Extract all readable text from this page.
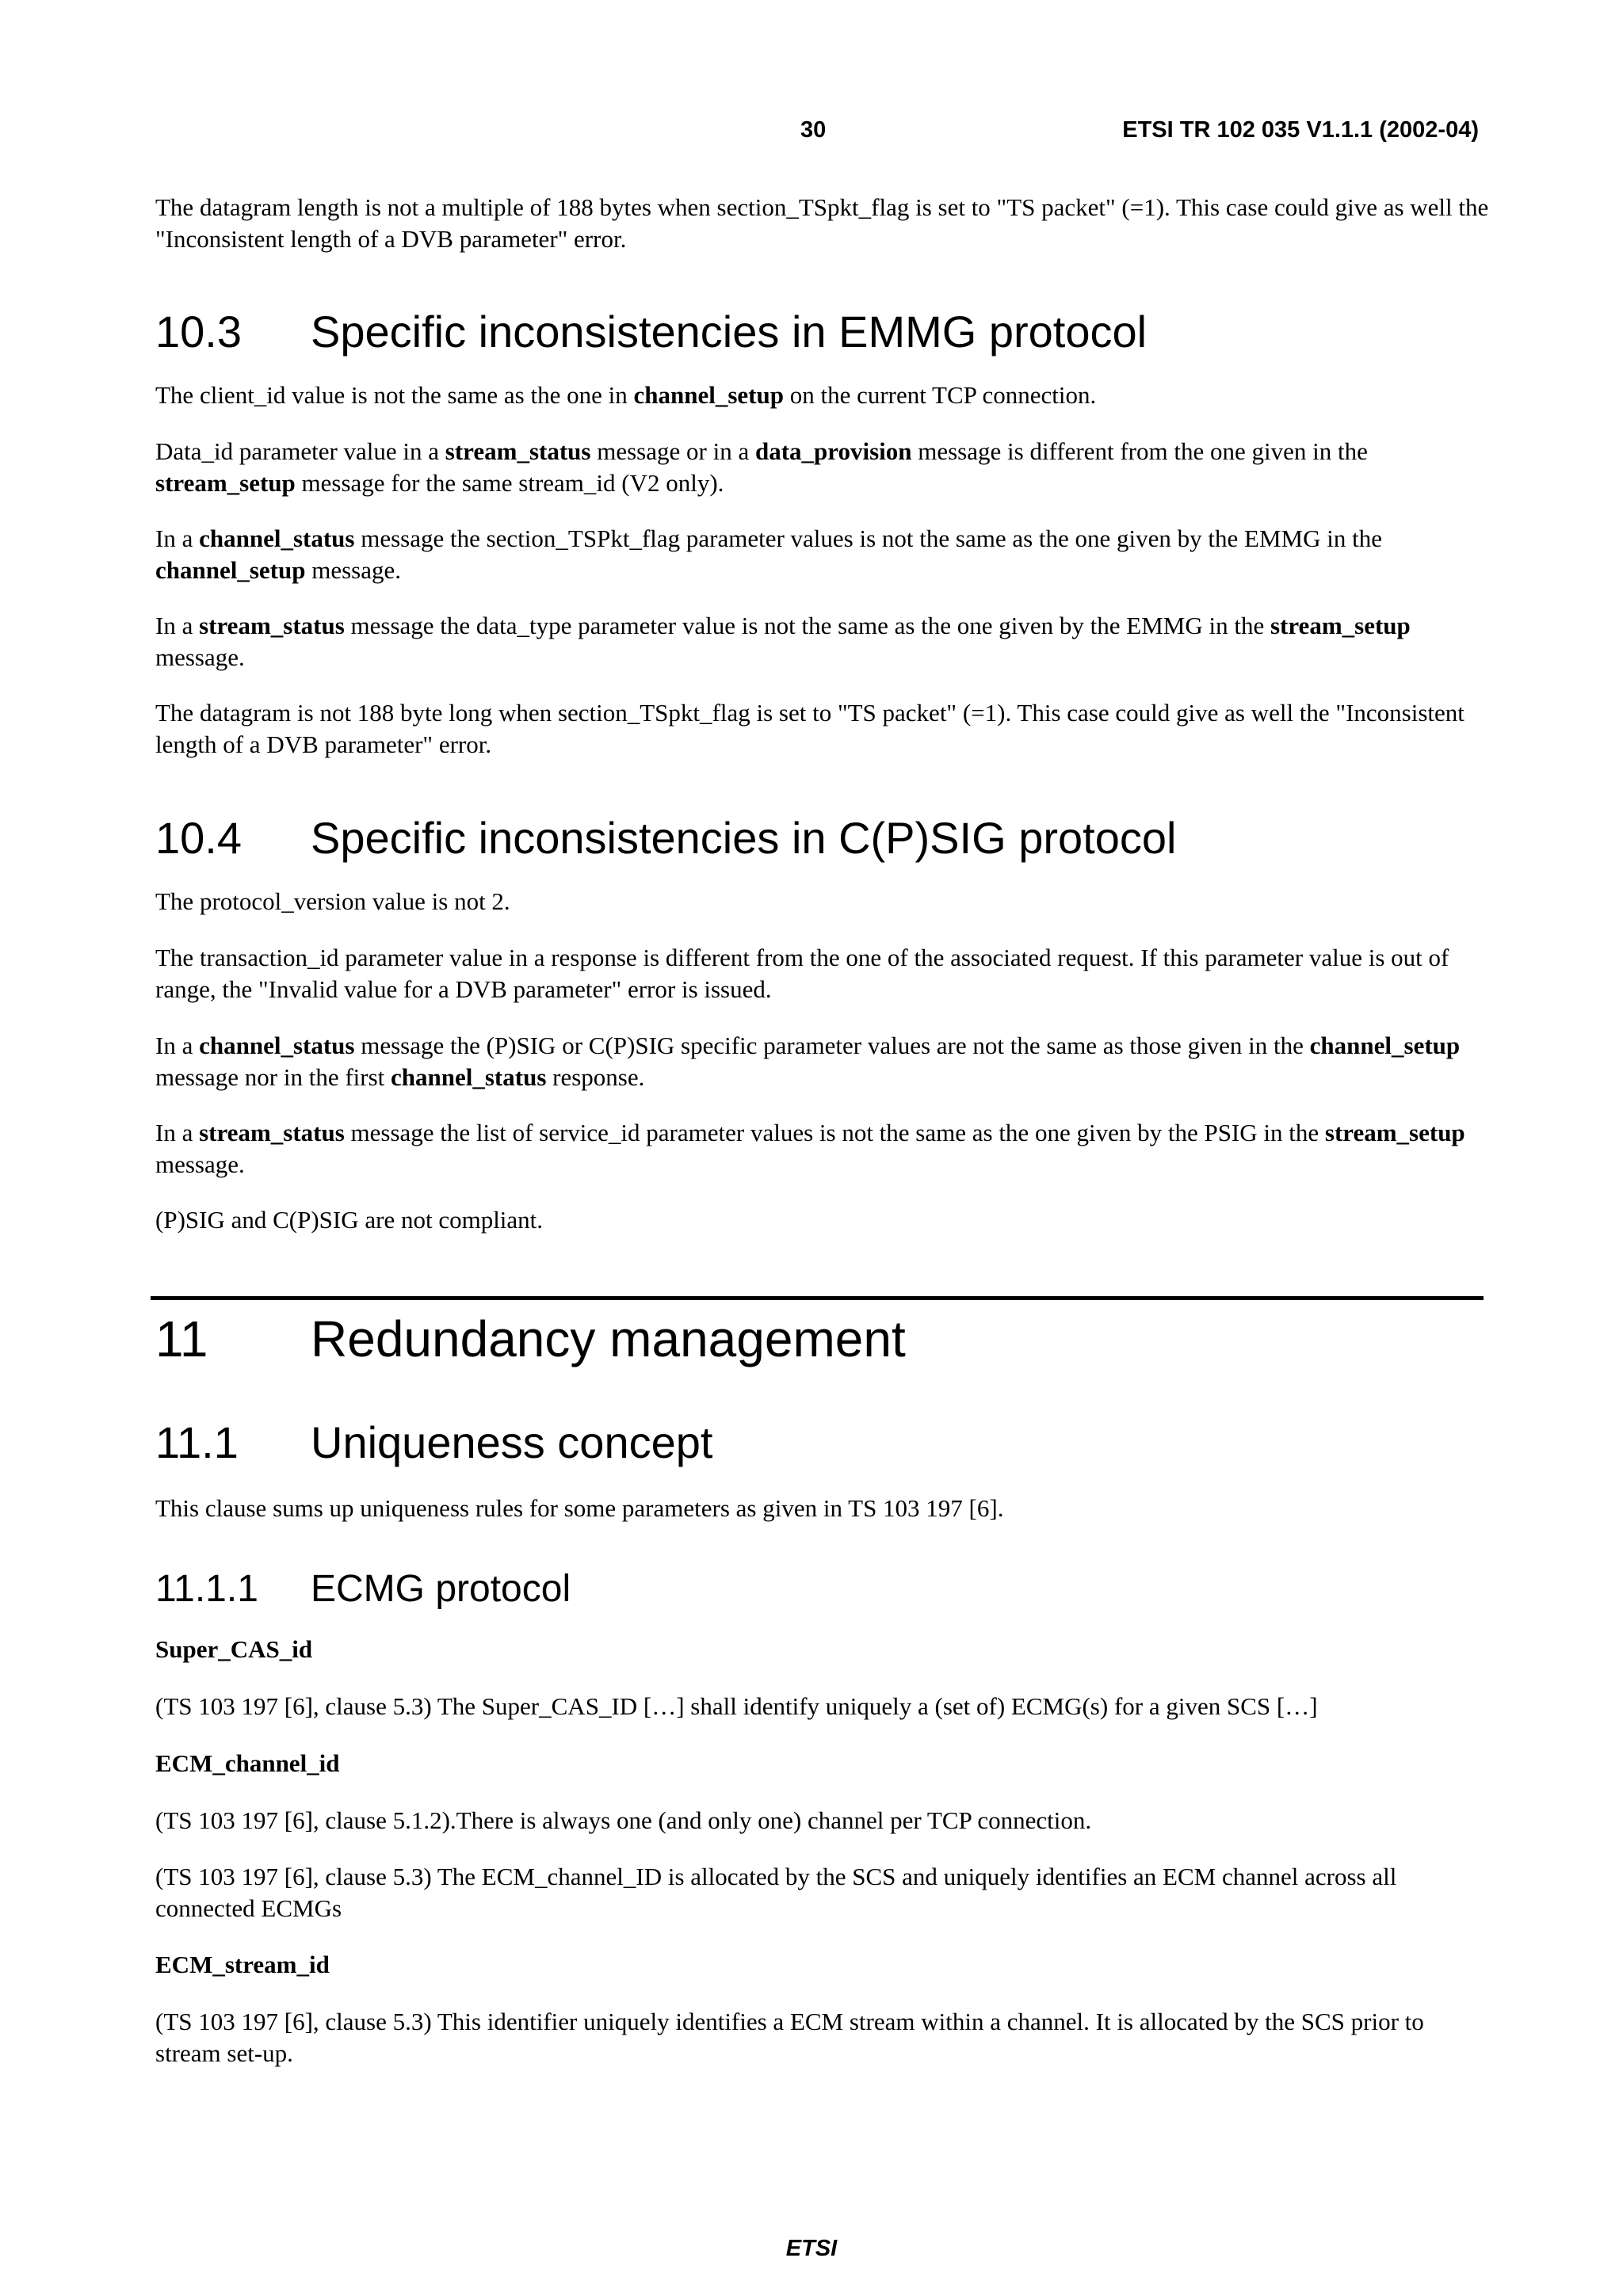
30	ETSI TR 102 035 V1.1.1 (2002-04)

The datagram length is not a multiple of 188 bytes when section_TSpkt_flag is set to "TS packet" (=1). This case could give as well the "Inconsistent length of a DVB parameter" error.

10.3 Specific inconsistencies in EMMG protocol

The client_id value is not the same as the one in channel_setup on the current TCP connection.

Data_id parameter value in a stream_status message or in a data_provision message is different from the one given in the stream_setup message for the same stream_id (V2 only).

In a channel_status message the section_TSPkt_flag parameter values is not the same as the one given by the EMMG in the channel_setup message.

In a stream_status message the data_type parameter value is not the same as the one given by the EMMG in the stream_setup message.

The datagram is not 188 byte long when section_TSpkt_flag is set to "TS packet" (=1). This case could give as well the "Inconsistent length of a DVB parameter" error.

10.4 Specific inconsistencies in C(P)SIG protocol

The protocol_version value is not 2.

The transaction_id parameter value in a response is different from the one of the associated request. If this parameter value is out of range, the "Invalid value for a DVB parameter" error is issued.

In a channel_status message the (P)SIG or C(P)SIG specific parameter values are not the same as those given in the channel_setup message nor in the first channel_status response.

In a stream_status message the list of service_id parameter values is not the same as the one given by the PSIG in the stream_setup message.

(P)SIG and C(P)SIG are not compliant.

11 Redundancy management
11.1 Uniqueness concept

This clause sums up uniqueness rules for some parameters as given in TS 103 197 [6].

11.1.1 ECMG protocol

Super_CAS_id

(TS 103 197 [6], clause 5.3) The Super_CAS_ID […] shall identify uniquely a (set of) ECMG(s) for a given SCS […]

ECM_channel_id

(TS 103 197 [6], clause 5.1.2).There is always one (and only one) channel per TCP connection.

(TS 103 197 [6], clause 5.3) The ECM_channel_ID is allocated by the SCS and uniquely identifies an ECM channel across all connected ECMGs

ECM_stream_id

(TS 103 197 [6], clause 5.3) This identifier uniquely identifies a ECM stream within a channel. It is allocated by the SCS prior to stream set-up.

ETSI
